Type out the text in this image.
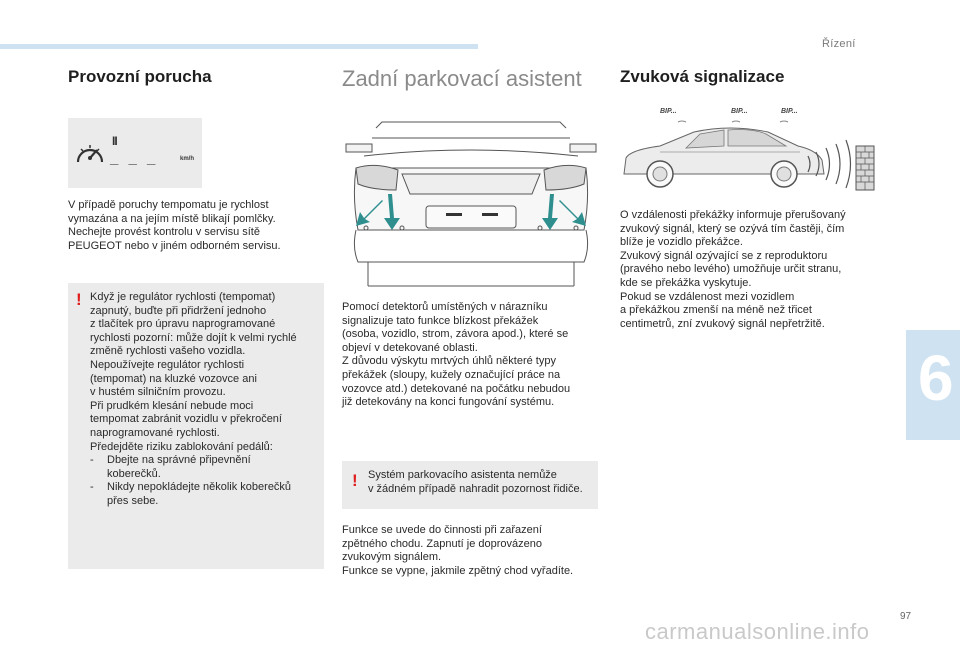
Řízení
6
97
carmanualsonline.info
Provozní porucha
II
_ _ _	km/h
V případě poruchy tempomatu je rychlost
vymazána a na jejím místě blikají pomlčky.
Nechejte provést kontrolu v servisu sítě
PEUGEOT nebo v jiném odborném servisu.
! Když je regulátor rychlosti (tempomat)
zapnutý, buďte při přidržení jednoho
z tlačítek pro úpravu naprogramované
rychlosti pozorní: může dojít k velmi rychlé
změně rychlosti vašeho vozidla.
Nepoužívejte regulátor rychlosti
(tempomat) na kluzké vozovce ani
v hustém silničním provozu.
Při prudkém klesání nebude moci
tempomat zabránit vozidlu v překročení
naprogramované rychlosti.
Předejděte riziku zablokování pedálů:
-	Dbejte na správné připevnění
koberečků.
-	Nikdy nepokládejte několik koberečků
přes sebe.
Zadní parkovací asistent
Pomocí detektorů umístěných v nárazníku
signalizuje tato funkce blízkost překážek
(osoba, vozidlo, strom, závora apod.), které se
objeví v detekované oblasti.
Z důvodu výskytu mrtvých úhlů některé typy
překážek (sloupy, kužely označující práce na
vozovce atd.) detekované na počátku nebudou
již detekovány na konci fungování systému.
! Systém parkovacího asistenta nemůže
v žádném případě nahradit pozornost řidiče.
Funkce se uvede do činnosti při zařazení
zpětného chodu. Zapnutí je doprovázeno
zvukovým signálem.
Funkce se vypne, jakmile zpětný chod vyřadíte.
Zvuková signalizace
BIP...	BIP...	BIP...
O vzdálenosti překážky informuje přerušovaný
zvukový signál, který se ozývá tím častěji, čím
blíže je vozidlo překážce.
Zvukový signál ozývající se z reproduktoru
(pravého nebo levého) umožňuje určit stranu,
kde se překážka vyskytuje.
Pokud se vzdálenost mezi vozidlem
a překážkou zmenší na méně než třicet
centimetrů, zní zvukový signál nepřetržitě.
